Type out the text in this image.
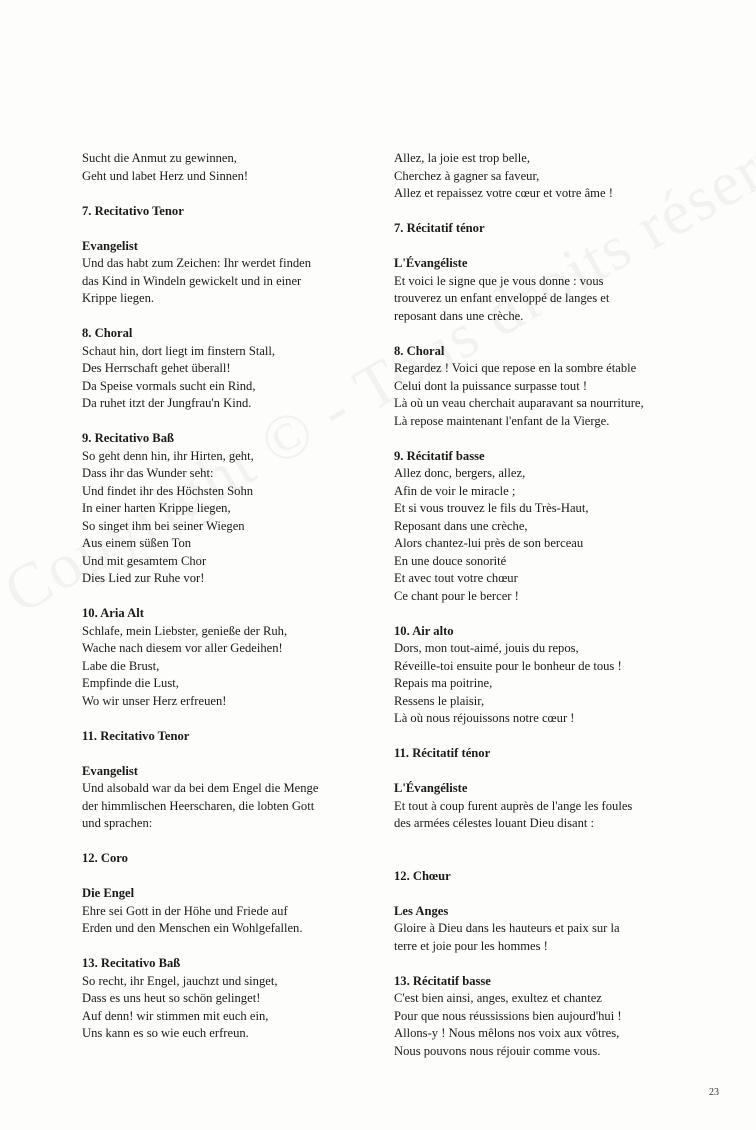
Sucht die Anmut zu gewinnen,
Geht und labet Herz und Sinnen!
7. Recitativo Tenor
Evangelist
Und das habt zum Zeichen: Ihr werdet finden
das Kind in Windeln gewickelt und in einer
Krippe liegen.
8. Choral
Schaut hin, dort liegt im finstern Stall,
Des Herrschaft gehet überall!
Da Speise vormals sucht ein Rind,
Da ruhet itzt der Jungfrau'n Kind.
9. Recitativo Baß
So geht denn hin, ihr Hirten, geht,
Dass ihr das Wunder seht:
Und findet ihr des Höchsten Sohn
In einer harten Krippe liegen,
So singet ihm bei seiner Wiegen
Aus einem süßen Ton
Und mit gesamtem Chor
Dies Lied zur Ruhe vor!
10. Aria Alt
Schlafe, mein Liebster, genieße der Ruh,
Wache nach diesem vor aller Gedeihen!
Labe die Brust,
Empfinde die Lust,
Wo wir unser Herz erfreuen!
11. Recitativo Tenor
Evangelist
Und alsobald war da bei dem Engel die Menge
der himmlischen Heerscharen, die lobten Gott
und sprachen:
12. Coro
Die Engel
Ehre sei Gott in der Höhe und Friede auf
Erden und den Menschen ein Wohlgefallen.
13. Recitativo Baß
So recht, ihr Engel, jauchzt und singet,
Dass es uns heut so schön gelinget!
Auf denn! wir stimmen mit euch ein,
Uns kann es so wie euch erfreun.
Allez, la joie est trop belle,
Cherchez à gagner sa faveur,
Allez et repaissez votre cœur et votre âme !
7. Récitatif ténor
L'Évangéliste
Et voici le signe que je vous donne : vous
trouverez un enfant enveloppé de langes et
reposant dans une crèche.
8. Choral
Regardez ! Voici que repose en la sombre étable
Celui dont la puissance surpasse tout !
Là où un veau cherchait auparavant sa nourriture,
Là repose maintenant l'enfant de la Vierge.
9. Récitatif basse
Allez donc, bergers, allez,
Afin de voir le miracle ;
Et si vous trouvez le fils du Très-Haut,
Reposant dans une crèche,
Alors chantez-lui près de son berceau
En une douce sonorité
Et avec tout votre chœur
Ce chant pour le bercer !
10. Air alto
Dors, mon tout-aimé, jouis du repos,
Réveille-toi ensuite pour le bonheur de tous !
Repais ma poitrine,
Ressens le plaisir,
Là où nous réjouissons notre cœur !
11. Récitatif ténor
L'Évangéliste
Et tout à coup furent auprès de l'ange les foules
des armées célestes louant Dieu disant :
12. Chœur
Les Anges
Gloire à Dieu dans les hauteurs et paix sur la
terre et joie pour les hommes !
13. Récitatif basse
C'est bien ainsi, anges, exultez et chantez
Pour que nous réussissions bien aujourd'hui !
Allons-y ! Nous mêlons nos voix aux vôtres,
Nous pouvons nous réjouir comme vous.
23
